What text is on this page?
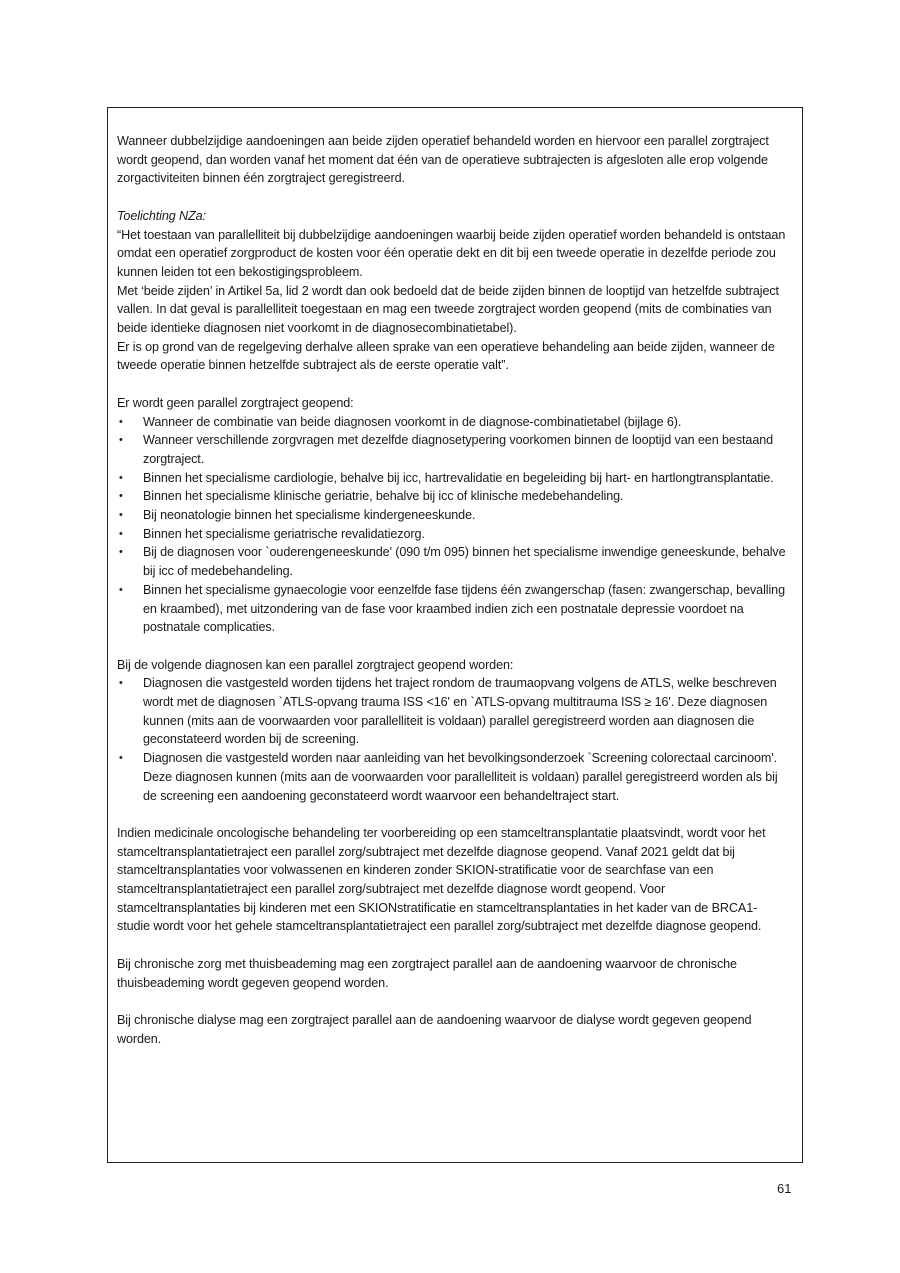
Wanneer dubbelzijdige aandoeningen aan beide zijden operatief behandeld worden en hiervoor een parallel zorgtraject wordt geopend, dan worden vanaf het moment dat één van de operatieve subtrajecten is afgesloten alle erop volgende zorgactiviteiten binnen één zorgtraject geregistreerd.

Toelichting NZa:

“Het toestaan van parallelliteit bij dubbelzijdige aandoeningen waarbij beide zijden operatief worden behandeld is ontstaan omdat een operatief zorgproduct de kosten voor één operatie dekt en dit bij een tweede operatie in dezelfde periode zou kunnen leiden tot een bekostigingsprobleem.

Met ‘beide zijden’ in Artikel 5a, lid 2 wordt dan ook bedoeld dat de beide zijden binnen de looptijd van hetzelfde subtraject vallen. In dat geval is parallelliteit toegestaan en mag een tweede zorgtraject worden geopend (mits de combinaties van beide identieke diagnosen niet voorkomt in de diagnosecombinatietabel).

Er is op grond van de regelgeving derhalve alleen sprake van een operatieve behandeling aan beide zijden, wanneer de tweede operatie binnen hetzelfde subtraject als de eerste operatie valt”.

Er wordt geen parallel zorgtraject geopend:

• Wanneer de combinatie van beide diagnosen voorkomt in de diagnose-combinatietabel (bijlage 6).
• Wanneer verschillende zorgvragen met dezelfde diagnosetypering voorkomen binnen de looptijd van een bestaand zorgtraject.
• Binnen het specialisme cardiologie, behalve bij icc, hartrevalidatie en begeleiding bij hart- en hartlongtransplantatie.
• Binnen het specialisme klinische geriatrie, behalve bij icc of klinische medebehandeling.
• Bij neonatologie binnen het specialisme kindergeneeskunde.
• Binnen het specialisme geriatrische revalidatiezorg.
• Bij de diagnosen voor `ouderengeneeskunde' (090 t/m 095) binnen het specialisme inwendige geneeskunde, behalve bij icc of medebehandeling.
• Binnen het specialisme gynaecologie voor eenzelfde fase tijdens één zwangerschap (fasen: zwangerschap, bevalling en kraambed), met uitzondering van de fase voor kraambed indien zich een postnatale depressie voordoet na postnatale complicaties.

Bij de volgende diagnosen kan een parallel zorgtraject geopend worden:

• Diagnosen die vastgesteld worden tijdens het traject rondom de traumaopvang volgens de ATLS, welke beschreven wordt met de diagnosen `ATLS-opvang trauma ISS <16' en `ATLS-opvang multitrauma ISS ≥ 16'. Deze diagnosen kunnen (mits aan de voorwaarden voor parallelliteit is voldaan) parallel geregistreerd worden aan diagnosen die geconstateerd worden bij de screening.
• Diagnosen die vastgesteld worden naar aanleiding van het bevolkingsonderzoek `Screening colorectaal carcinoom'. Deze diagnosen kunnen (mits aan de voorwaarden voor parallelliteit is voldaan) parallel geregistreerd worden als bij de screening een aandoening geconstateerd wordt waarvoor een behandeltraject start.

Indien medicinale oncologische behandeling ter voorbereiding op een stamceltransplantatie plaatsvindt, wordt voor het stamceltransplantatietraject een parallel zorg/subtraject met dezelfde diagnose geopend. Vanaf 2021 geldt dat bij stamceltransplantaties voor volwassenen en kinderen zonder SKION-stratificatie voor de searchfase van een stamceltransplantatietraject een parallel zorg/subtraject met dezelfde diagnose wordt geopend. Voor stamceltransplantaties bij kinderen met een SKIONstratificatie en stamceltransplantaties in het kader van de BRCA1-studie wordt voor het gehele stamceltransplantatietraject een parallel zorg/subtraject met dezelfde diagnose geopend.

Bij chronische zorg met thuisbeademing mag een zorgtraject parallel aan de aandoening waarvoor de chronische thuisbeademing wordt gegeven geopend worden.

Bij chronische dialyse mag een zorgtraject parallel aan de aandoening waarvoor de dialyse wordt gegeven geopend worden.

61
